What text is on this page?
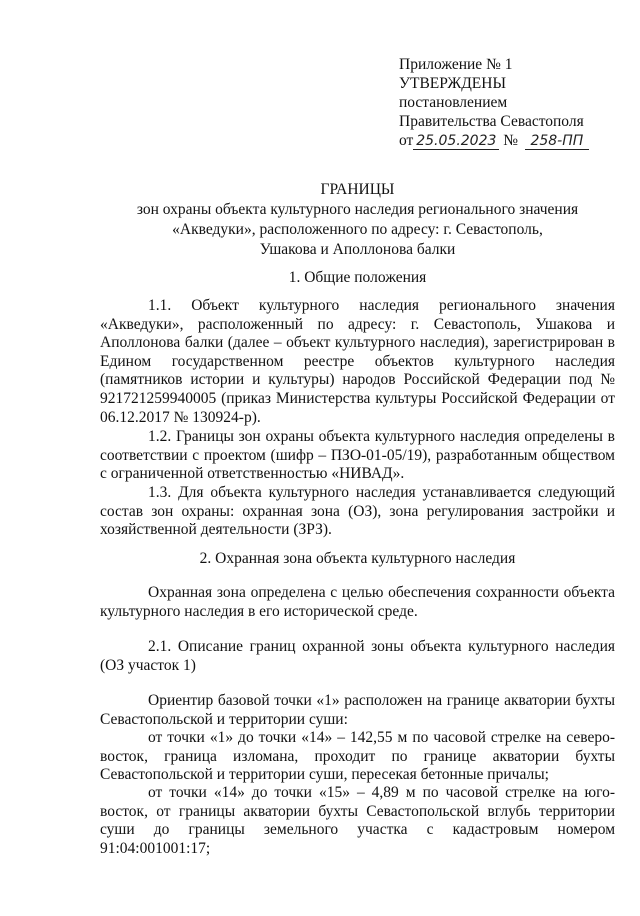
Приложение № 1
УТВЕРЖДЕНЫ
постановлением
Правительства Севастополя
от 25.05.2023 № 258-ПП
ГРАНИЦЫ
зон охраны объекта культурного наследия регионального значения
«Акведуки», расположенного по адресу: г. Севастополь,
Ушакова и Аполлонова балки
1. Общие положения
1.1. Объект культурного наследия регионального значения «Акведуки», расположенный по адресу: г. Севастополь, Ушакова и Аполлонова балки (далее – объект культурного наследия), зарегистрирован в Едином государственном реестре объектов культурного наследия (памятников истории и культуры) народов Российской Федерации под № 921721259940005 (приказ Министерства культуры Российской Федерации от 06.12.2017 № 130924-р).
1.2. Границы зон охраны объекта культурного наследия определены в соответствии с проектом (шифр – ПЗО-01-05/19), разработанным обществом с ограниченной ответственностью «НИВАД».
1.3. Для объекта культурного наследия устанавливается следующий состав зон охраны: охранная зона (ОЗ), зона регулирования застройки и хозяйственной деятельности (ЗРЗ).
2. Охранная зона объекта культурного наследия
Охранная зона определена с целью обеспечения сохранности объекта культурного наследия в его исторической среде.
2.1. Описание границ охранной зоны объекта культурного наследия (ОЗ участок 1)
Ориентир базовой точки «1» расположен на границе акватории бухты Севастопольской и территории суши:
от точки «1» до точки «14» – 142,55 м по часовой стрелке на северо-восток, граница изломана, проходит по границе акватории бухты Севастопольской и территории суши, пересекая бетонные причалы;
от точки «14» до точки «15» – 4,89 м по часовой стрелке на юго-восток, от границы акватории бухты Севастопольской вглубь территории суши до границы земельного участка с кадастровым номером 91:04:001001:17;
